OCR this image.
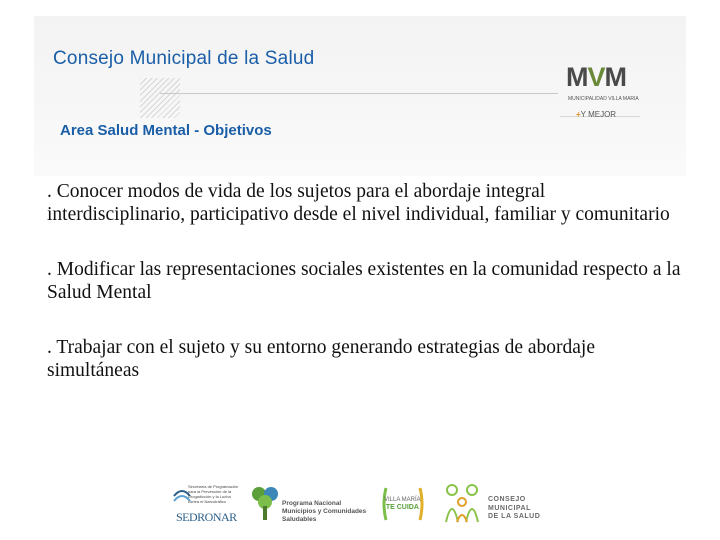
Consejo Municipal de la Salud
Area Salud Mental - Objetivos
MVM
MUNICIPALIDAD VILLA MARIA
+Y MEJOR

. Conocer modos de vida de los sujetos para el abordaje integral interdisciplinario, participativo desde el nivel individual, familiar y comunitario

. Modificar las representaciones sociales existentes en la comunidad respecto a la Salud Mental

. Trabajar con el sujeto y su entorno generando estrategias de abordaje simultáneas

Secretaría de Programación para la Prevención de la Drogadicción y la Lucha contra el Narcotráfico
SEDRONAR
Programa Nacional
Municipios y Comunidades
Saludables
VILLA MARÍA
TE CUIDA
CONSEJO
MUNICIPAL
DE LA SALUD
